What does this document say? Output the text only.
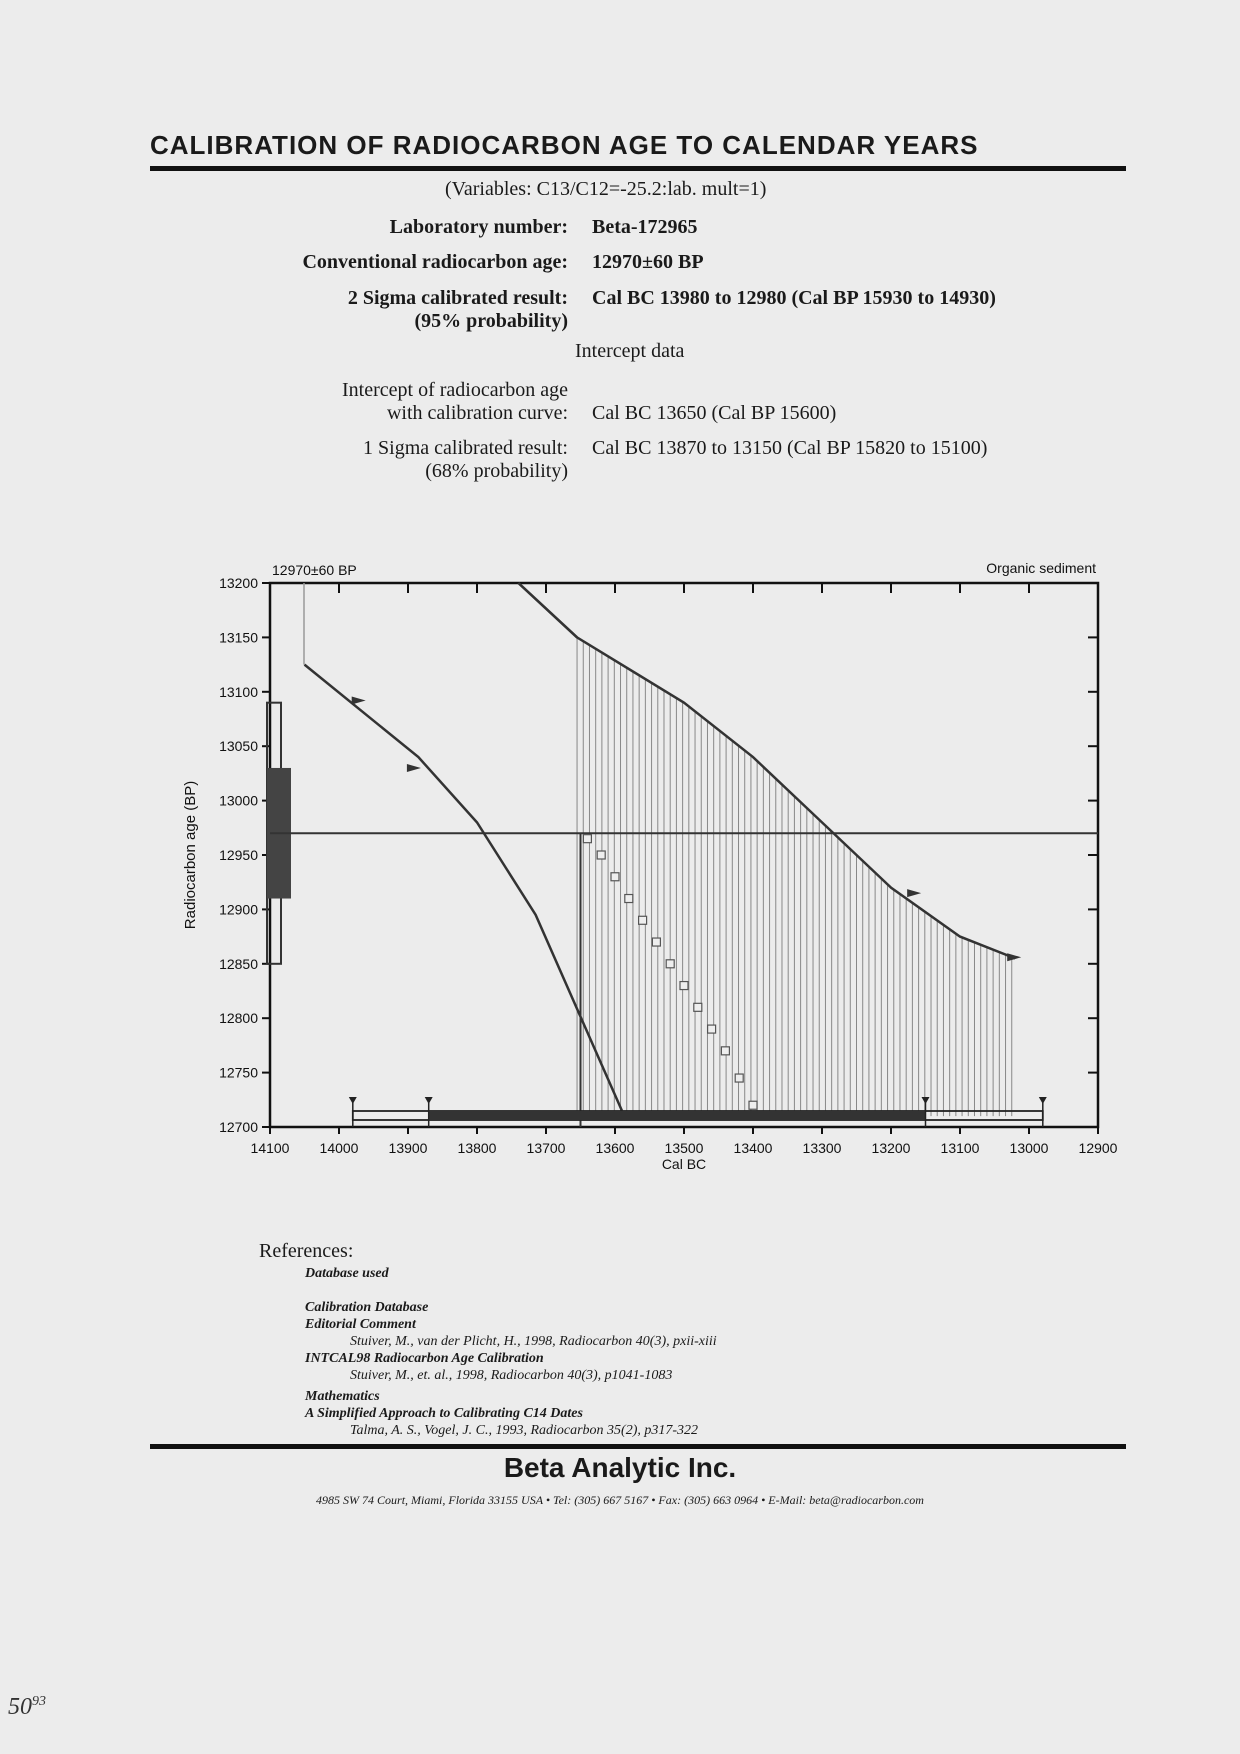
CALIBRATION OF RADIOCARBON AGE TO CALENDAR YEARS
(Variables: C13/C12=-25.2:lab. mult=1)
Laboratory number: Beta-172965
Conventional radiocarbon age: 12970±60 BP
2 Sigma calibrated result:
(95% probability)
Cal BC 13980 to 12980 (Cal BP 15930 to 14930)
Intercept data
Intercept of radiocarbon age
with calibration curve: Cal BC 13650 (Cal BP 15600)
1 Sigma calibrated result:
(68% probability)
Cal BC 13870 to 13150 (Cal BP 15820 to 15100)
14100 14000 13900 13800 13700 13600 13500 13400 13300 13200 13100 13000 12900
13200
13150
13100
13050
13000
12950
12900
12850
12800
12750
12700
Cal BC
Radiocarbon age (BP)
12970±60 BP	Organic sediment
References:
Database used
Calibration Database
Editorial Comment
Stuiver, M., van der Plicht, H., 1998, Radiocarbon 40(3), pxii-xiii
INTCAL98 Radiocarbon Age Calibration
Stuiver, M., et. al., 1998, Radiocarbon 40(3), p1041-1083
Mathematics
A Simplified Approach to Calibrating C14 Dates
Talma, A. S., Vogel, J. C., 1993, Radiocarbon 35(2), p317-322
Beta Analytic Inc.
4985 SW 74 Court, Miami, Florida 33155 USA • Tel: (305) 667 5167 • Fax: (305) 663 0964 • E-Mail: beta@radiocarbon.com
$50^{93}$
